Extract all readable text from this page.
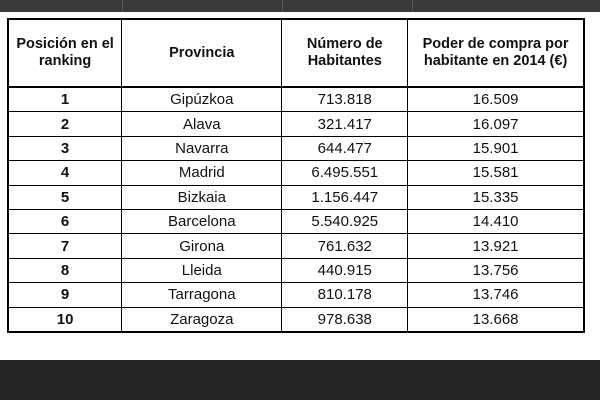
Posición en el ranking	Provincia	Número de Habitantes	Poder de compra por habitante en 2014 (€)
1	Gipúzkoa	713.818	16.509
2	Alava	321.417	16.097
3	Navarra	644.477	15.901
4	Madrid	6.495.551	15.581
5	Bizkaia	1.156.447	15.335
6	Barcelona	5.540.925	14.410
7	Girona	761.632	13.921
8	Lleida	440.915	13.756
9	Tarragona	810.178	13.746
10	Zaragoza	978.638	13.668
